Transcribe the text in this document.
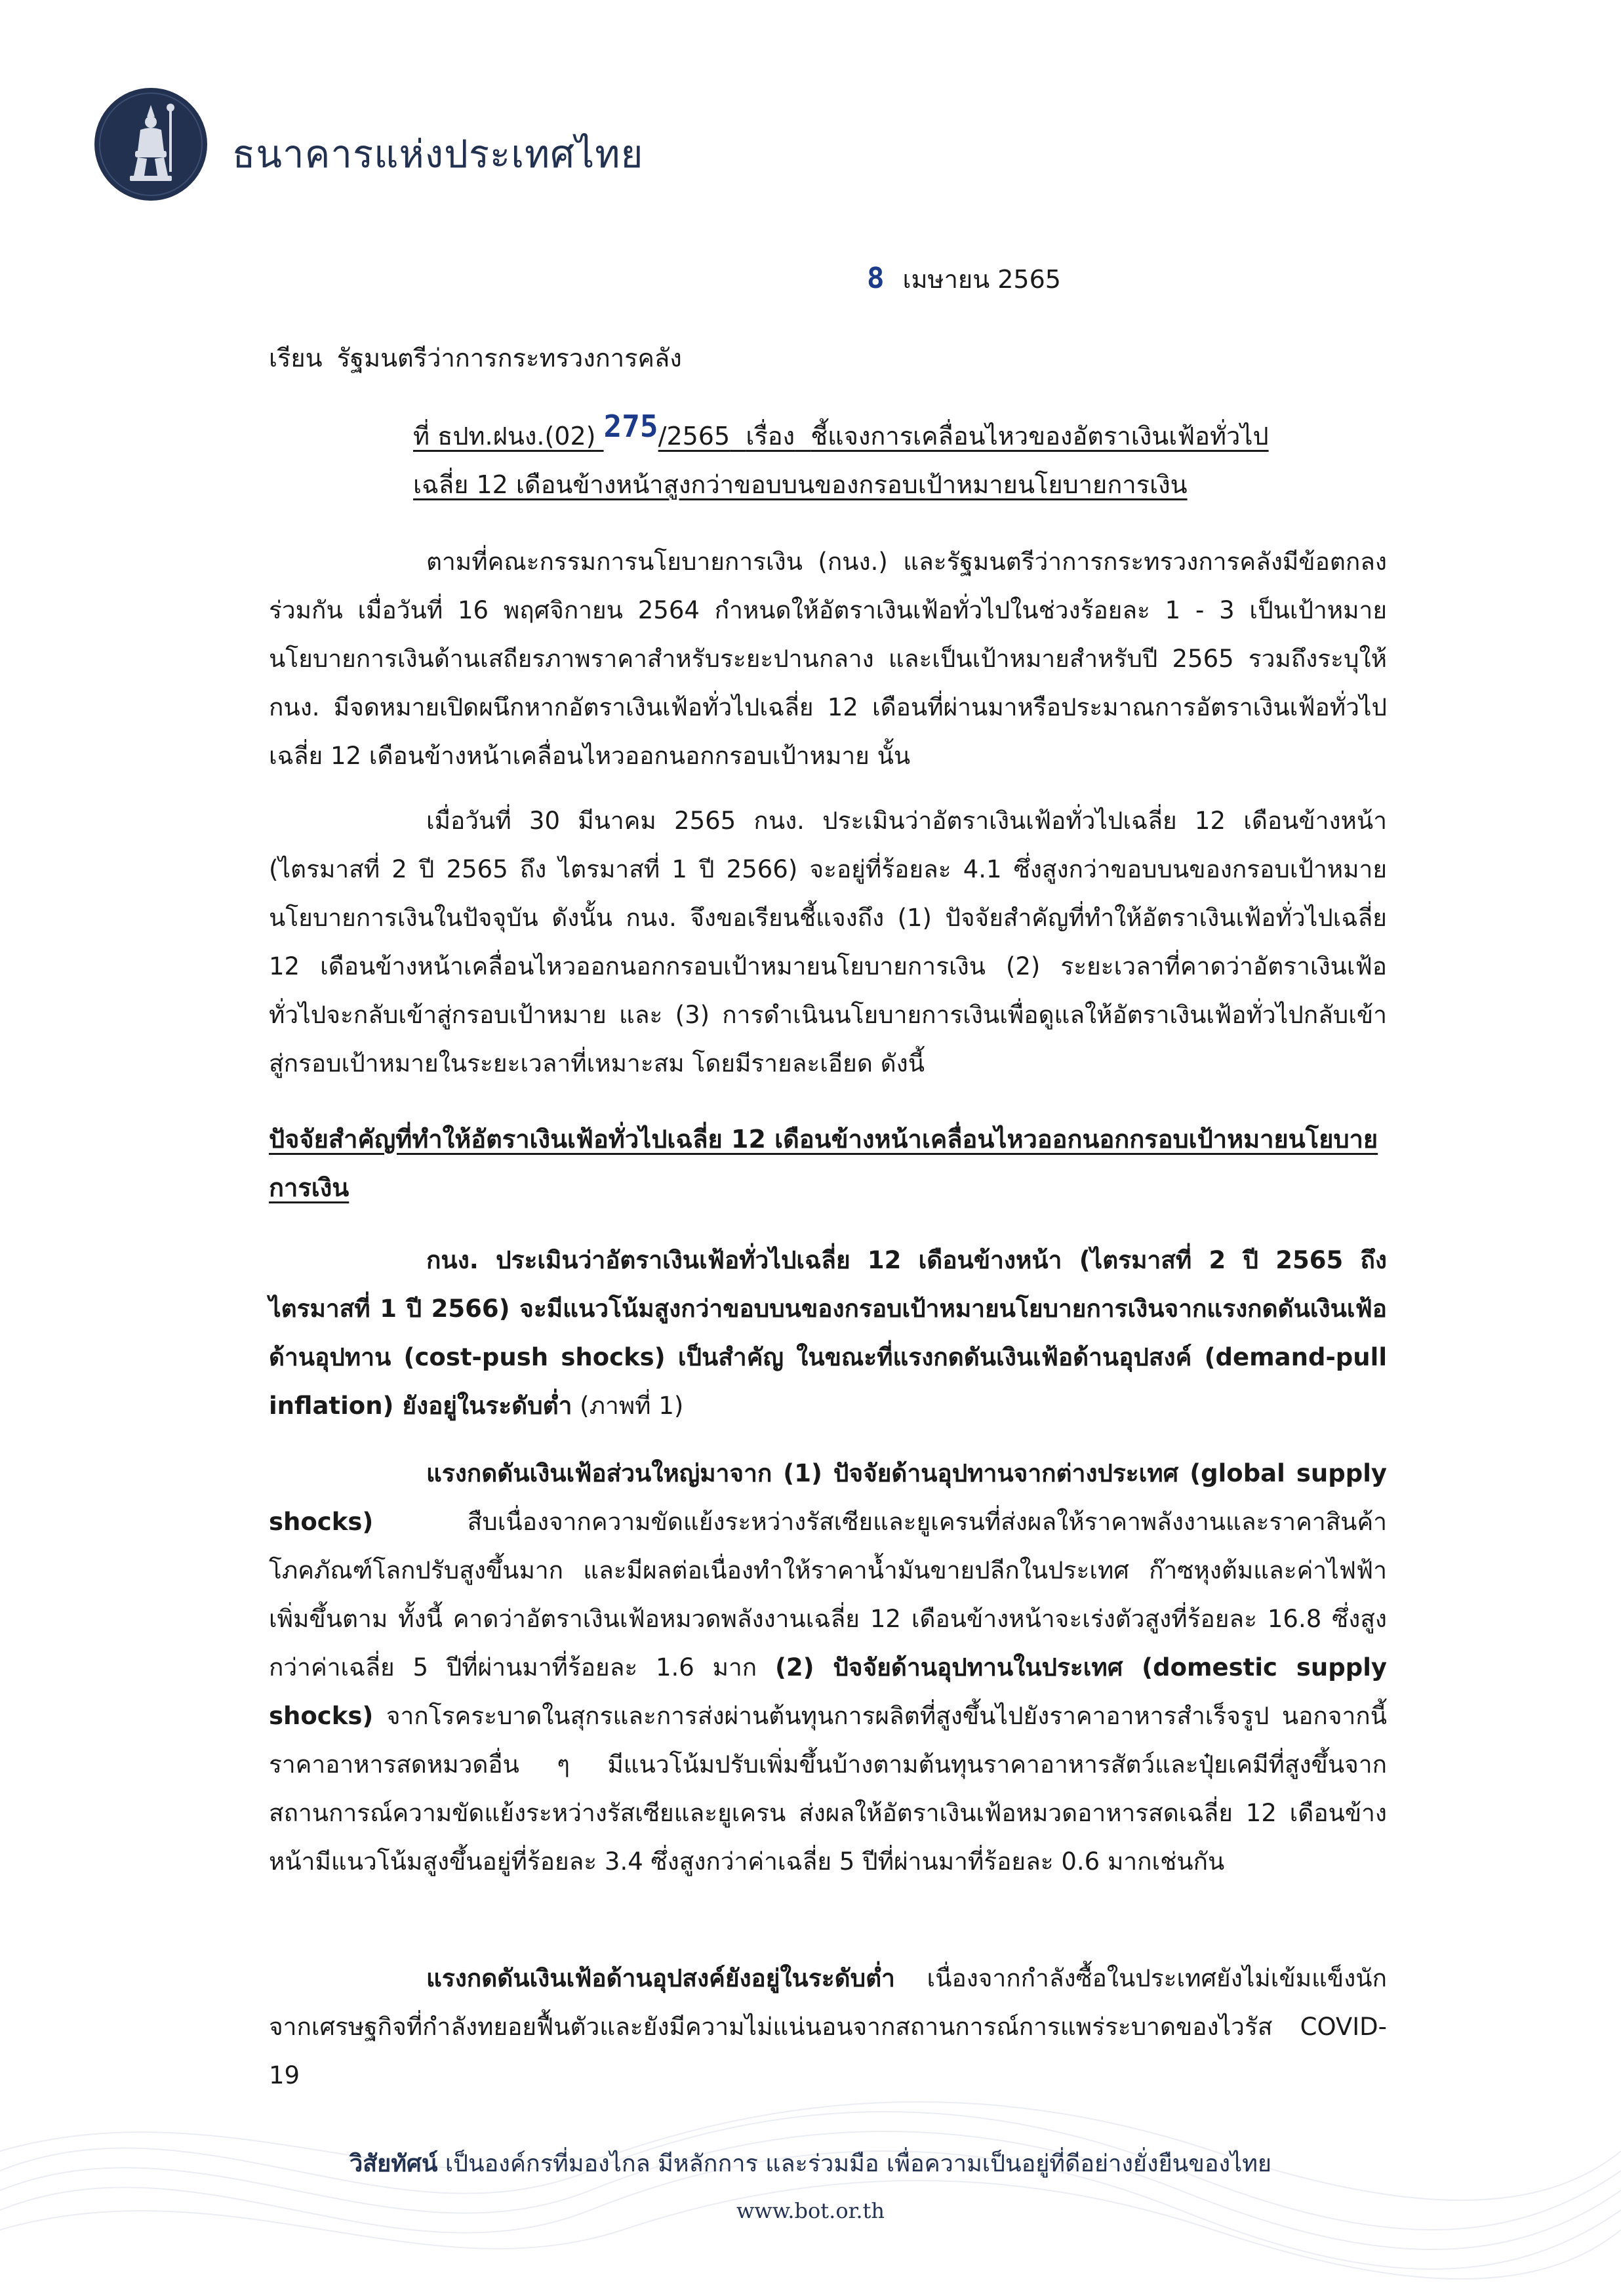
ธนาคารแห่งประเทศไทย
8 เมษายน 2565
เรียน รัฐมนตรีว่าการกระทรวงการคลัง
ที่ ธปท.ฝนง.(02) 275/2565 เรื่อง ชี้แจงการเคลื่อนไหวของอัตราเงินเฟ้อทั่วไป
เฉลี่ย 12 เดือนข้างหน้าสูงกว่าขอบบนของกรอบเป้าหมายนโยบายการเงิน
ตามที่คณะกรรมการนโยบายการเงิน (กนง.) และรัฐมนตรีว่าการกระทรวงการคลังมีข้อตกลงร่วมกัน เมื่อวันที่ 16 พฤศจิกายน 2564 กำหนดให้อัตราเงินเฟ้อทั่วไปในช่วงร้อยละ 1 - 3 เป็นเป้าหมายนโยบายการเงินด้านเสถียรภาพราคาสำหรับระยะปานกลาง และเป็นเป้าหมายสำหรับปี 2565 รวมถึงระบุให้ กนง. มีจดหมายเปิดผนึกหากอัตราเงินเฟ้อทั่วไปเฉลี่ย 12 เดือนที่ผ่านมาหรือประมาณการอัตราเงินเฟ้อทั่วไปเฉลี่ย 12 เดือนข้างหน้าเคลื่อนไหวออกนอกกรอบเป้าหมาย นั้น
เมื่อวันที่ 30 มีนาคม 2565 กนง. ประเมินว่าอัตราเงินเฟ้อทั่วไปเฉลี่ย 12 เดือนข้างหน้า (ไตรมาสที่ 2 ปี 2565 ถึง ไตรมาสที่ 1 ปี 2566) จะอยู่ที่ร้อยละ 4.1 ซึ่งสูงกว่าขอบบนของกรอบเป้าหมายนโยบายการเงินในปัจจุบัน ดังนั้น กนง. จึงขอเรียนชี้แจงถึง (1) ปัจจัยสำคัญที่ทำให้อัตราเงินเฟ้อทั่วไปเฉลี่ย 12 เดือนข้างหน้าเคลื่อนไหวออกนอกกรอบเป้าหมายนโยบายการเงิน (2) ระยะเวลาที่คาดว่าอัตราเงินเฟ้อทั่วไปจะกลับเข้าสู่กรอบเป้าหมาย และ (3) การดำเนินนโยบายการเงินเพื่อดูแลให้อัตราเงินเฟ้อทั่วไปกลับเข้าสู่กรอบเป้าหมายในระยะเวลาที่เหมาะสม โดยมีรายละเอียด ดังนี้
ปัจจัยสำคัญที่ทำให้อัตราเงินเฟ้อทั่วไปเฉลี่ย 12 เดือนข้างหน้าเคลื่อนไหวออกนอกกรอบเป้าหมายนโยบายการเงิน
กนง. ประเมินว่าอัตราเงินเฟ้อทั่วไปเฉลี่ย 12 เดือนข้างหน้า (ไตรมาสที่ 2 ปี 2565 ถึงไตรมาสที่ 1 ปี 2566) จะมีแนวโน้มสูงกว่าขอบบนของกรอบเป้าหมายนโยบายการเงินจากแรงกดดันเงินเฟ้อด้านอุปทาน (cost-push shocks) เป็นสำคัญ ในขณะที่แรงกดดันเงินเฟ้อด้านอุปสงค์ (demand-pull inflation) ยังอยู่ในระดับต่ำ (ภาพที่ 1)
แรงกดดันเงินเฟ้อส่วนใหญ่มาจาก (1) ปัจจัยด้านอุปทานจากต่างประเทศ (global supply shocks) สืบเนื่องจากความขัดแย้งระหว่างรัสเซียและยูเครนที่ส่งผลให้ราคาพลังงานและราคาสินค้าโภคภัณฑ์โลกปรับสูงขึ้นมาก และมีผลต่อเนื่องทำให้ราคาน้ำมันขายปลีกในประเทศ ก๊าซหุงต้มและค่าไฟฟ้าเพิ่มขึ้นตาม ทั้งนี้ คาดว่าอัตราเงินเฟ้อหมวดพลังงานเฉลี่ย 12 เดือนข้างหน้าจะเร่งตัวสูงที่ร้อยละ 16.8 ซึ่งสูงกว่าค่าเฉลี่ย 5 ปีที่ผ่านมาที่ร้อยละ 1.6 มาก (2) ปัจจัยด้านอุปทานในประเทศ (domestic supply shocks) จากโรคระบาดในสุกรและการส่งผ่านต้นทุนการผลิตที่สูงขึ้นไปยังราคาอาหารสำเร็จรูป นอกจากนี้ ราคาอาหารสดหมวดอื่น ๆ มีแนวโน้มปรับเพิ่มขึ้นบ้างตามต้นทุนราคาอาหารสัตว์และปุ๋ยเคมีที่สูงขึ้นจากสถานการณ์ความขัดแย้งระหว่างรัสเซียและยูเครน ส่งผลให้อัตราเงินเฟ้อหมวดอาหารสดเฉลี่ย 12 เดือนข้างหน้ามีแนวโน้มสูงขึ้นอยู่ที่ร้อยละ 3.4 ซึ่งสูงกว่าค่าเฉลี่ย 5 ปีที่ผ่านมาที่ร้อยละ 0.6 มากเช่นกัน
แรงกดดันเงินเฟ้อด้านอุปสงค์ยังอยู่ในระดับต่ำ เนื่องจากกำลังซื้อในประเทศยังไม่เข้มแข็งนักจากเศรษฐกิจที่กำลังทยอยฟื้นตัวและยังมีความไม่แน่นอนจากสถานการณ์การแพร่ระบาดของไวรัส COVID-19
วิสัยทัศน์ เป็นองค์กรที่มองไกล มีหลักการ และร่วมมือ เพื่อความเป็นอยู่ที่ดีอย่างยั่งยืนของไทย
www.bot.or.th
